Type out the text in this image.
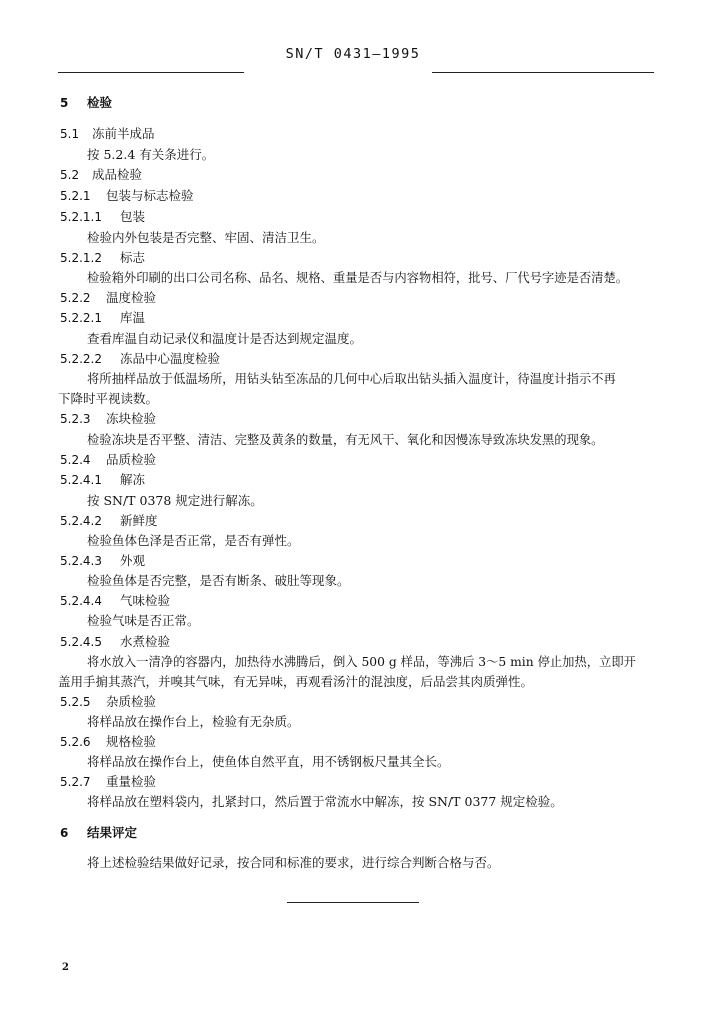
SN/T 0431—1995
5 检验
5.1 冻前半成品
按 5.2.4 有关条进行。
5.2 成品检验
5.2.1 包装与标志检验
5.2.1.1 包装
检验内外包装是否完整、牢固、清洁卫生。
5.2.1.2 标志
检验箱外印刷的出口公司名称、品名、规格、重量是否与内容物相符，批号、厂代号字迹是否清楚。
5.2.2 温度检验
5.2.2.1 库温
查看库温自动记录仪和温度计是否达到规定温度。
5.2.2.2 冻品中心温度检验
将所抽样品放于低温场所，用钻头钻至冻品的几何中心后取出钻头插入温度计，待温度计指示不再
下降时平视读数。
5.2.3 冻块检验
检验冻块是否平整、清洁、完整及黄条的数量，有无风干、氧化和因慢冻导致冻块发黑的现象。
5.2.4 品质检验
5.2.4.1 解冻
按 SN/T 0378 规定进行解冻。
5.2.4.2 新鲜度
检验鱼体色泽是否正常，是否有弹性。
5.2.4.3 外观
检验鱼体是否完整，是否有断条、破肚等现象。
5.2.4.4 气味检验
检验气味是否正常。
5.2.4.5 水煮检验
将水放入一清净的容器内，加热待水沸腾后，倒入 500 g 样品，等沸后 3～5 min 停止加热，立即开
盖用手掮其蒸汽，并嗅其气味，有无异味，再观看汤汁的混浊度，后品尝其肉质弹性。
5.2.5 杂质检验
将样品放在操作台上，检验有无杂质。
5.2.6 规格检验
将样品放在操作台上，使鱼体自然平直，用不锈钢板尺量其全长。
5.2.7 重量检验
将样品放在塑料袋内，扎紧封口，然后置于常流水中解冻，按 SN/T 0377 规定检验。
6 结果评定
将上述检验结果做好记录，按合同和标准的要求，进行综合判断合格与否。
2
